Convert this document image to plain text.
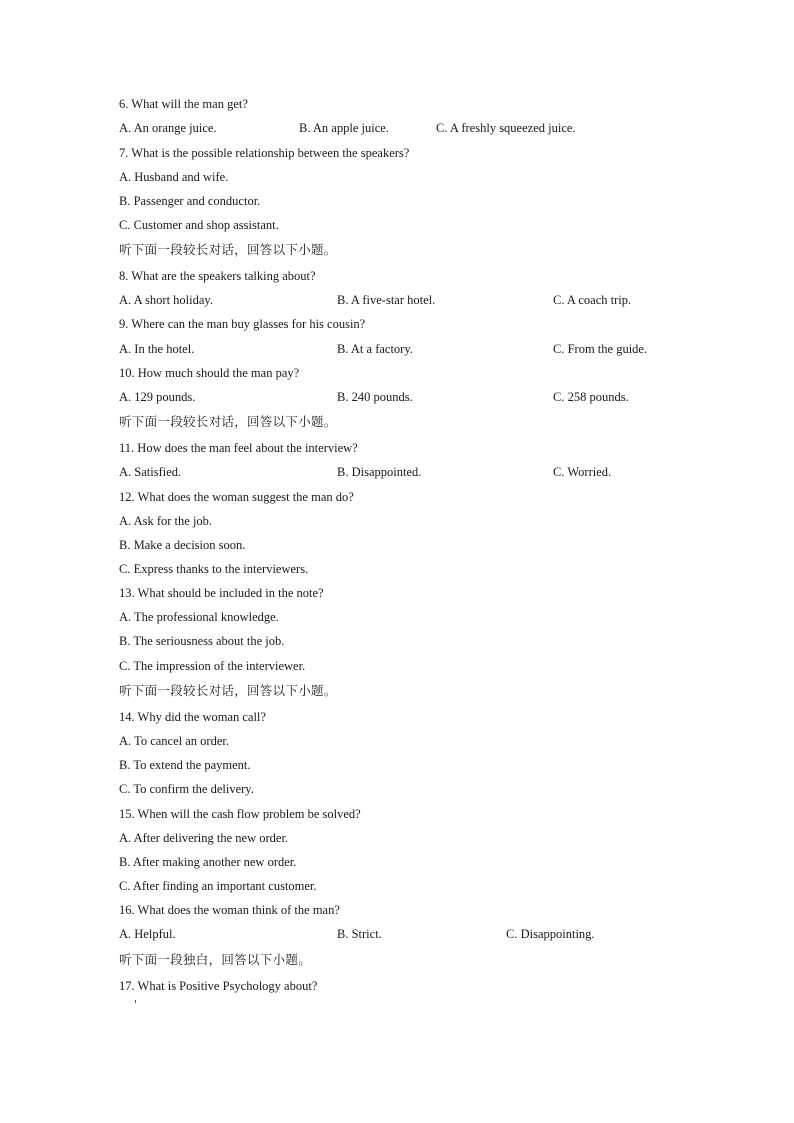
6. What will the man get?
A. An orange juice.	B. An apple juice.	C. A freshly squeezed juice.
7. What is the possible relationship between the speakers?
A. Husband and wife.
B. Passenger and conductor.
C. Customer and shop assistant.
听下面一段较长对话，回答以下小题。
8. What are the speakers talking about?
A. A short holiday.	B. A five-star hotel.	C. A coach trip.
9. Where can the man buy glasses for his cousin?
A. In the hotel.	B. At a factory.	C. From the guide.
10. How much should the man pay?
A. 129 pounds.	B. 240 pounds.	C. 258 pounds.
听下面一段较长对话，回答以下小题。
11. How does the man feel about the interview?
A. Satisfied.	B. Disappointed.	C. Worried.
12. What does the woman suggest the man do?
A. Ask for the job.
B. Make a decision soon.
C. Express thanks to the interviewers.
13. What should be included in the note?
A. The professional knowledge.
B. The seriousness about the job.
C. The impression of the interviewer.
听下面一段较长对话，回答以下小题。
14. Why did the woman call?
A. To cancel an order.
B. To extend the payment.
C. To confirm the delivery.
15. When will the cash flow problem be solved?
A. After delivering the new order.
B. After making another new order.
C. After finding an important customer.
16. What does the woman think of the man?
A. Helpful.	B. Strict.	C. Disappointing.
听下面一段独白，回答以下小题。
17. What is Positive Psychology about?
